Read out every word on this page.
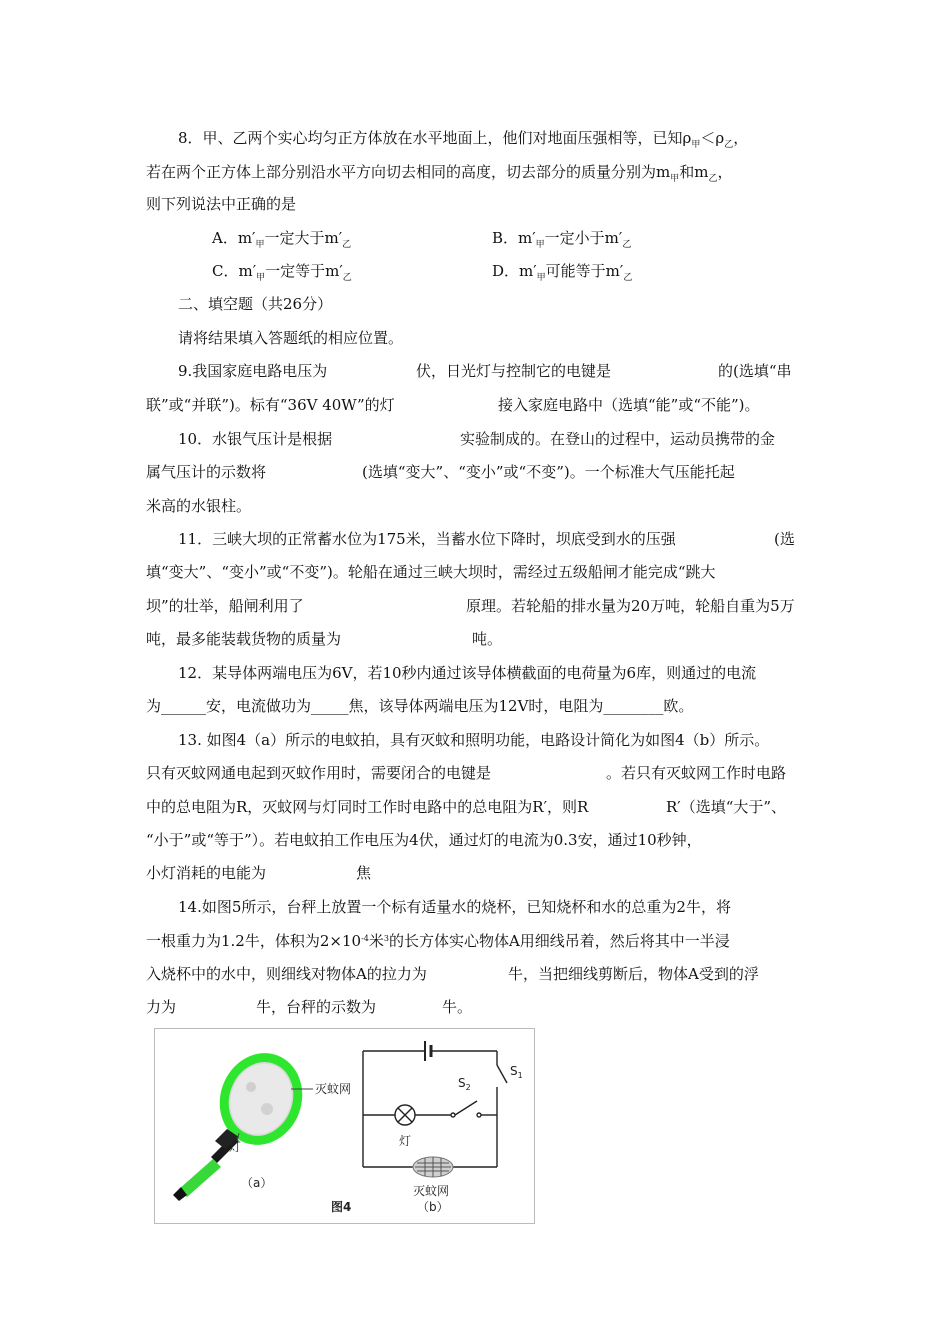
8．甲、乙两个实心均匀正方体放在水平地面上，他们对地面压强相等，已知$\rho_甲<\rho_乙$，
若在两个正方体上部分别沿水平方向切去相同的高度，切去部分的质量分别为$m_甲$和$m_乙$，
则下列说法中正确的是
A．$m'_甲$一定大于$m'_乙$	B．$m'_甲$一定小于$m'_乙$
C．$m'_甲$一定等于$m'_乙$	D．$m'_甲$可能等于$m'_乙$
二、填空题（共26分）
请将结果填入答题纸的相应位置。
9.我国家庭电路电压为	伏，日光灯与控制它的电键是	的(选填“串
联”或“并联”)。标有“36V 40W”的灯	接入家庭电路中（选填“能”或“不能”)。
10．水银气压计是根据	实验制成的。在登山的过程中，运动员携带的金
属气压计的示数将	(选填“变大”、“变小”或“不变”)。一个标准大气压能托起
米高的水银柱。
11．三峡大坝的正常蓄水位为175米，当蓄水位下降时，坝底受到水的压强	(选
填“变大”、“变小”或“不变”)。轮船在通过三峡大坝时，需经过五级船闸才能完成“跳大
坝”的壮举，船闸利用了	原理。若轮船的排水量为20万吨，轮船自重为5万
吨，最多能装载货物的质量为	吨。
12．某导体两端电压为6V，若10秒内通过该导体横截面的电荷量为6库，则通过的电流
为______安，电流做功为_____焦，该导体两端电压为12V时，电阻为________欧。
13. 如图4（a）所示的电蚊拍，具有灭蚊和照明功能，电路设计简化为如图4（b）所示。
只有灭蚊网通电起到灭蚊作用时，需要闭合的电键是	。若只有灭蚊网工作时电路
中的总电阻为R，灭蚊网与灯同时工作时电路中的总电阻为R′，则R	R′（选填“大于”、
“小于”或“等于”）。若电蚊拍工作电压为4伏，通过灯的电流为0.3安，通过10秒钟，
小灯消耗的电能为	焦
14.如图5所示，台秤上放置一个标有适量水的烧杯，已知烧杯和水的总重为2牛，将
一根重力为1.2牛，体积为$2\times 10^{-4}$米$^3$的长方体实心物体A用细线吊着，然后将其中一半浸
入烧杯中的水中，则细线对物体A的拉力为	牛，当把细线剪断后，物体A受到的浮
力为	牛，台秤的示数为	牛。
灭蚊网
灯
（a）
$S_2$
$S_1$
灯
灭蚊网
（b）
图4
